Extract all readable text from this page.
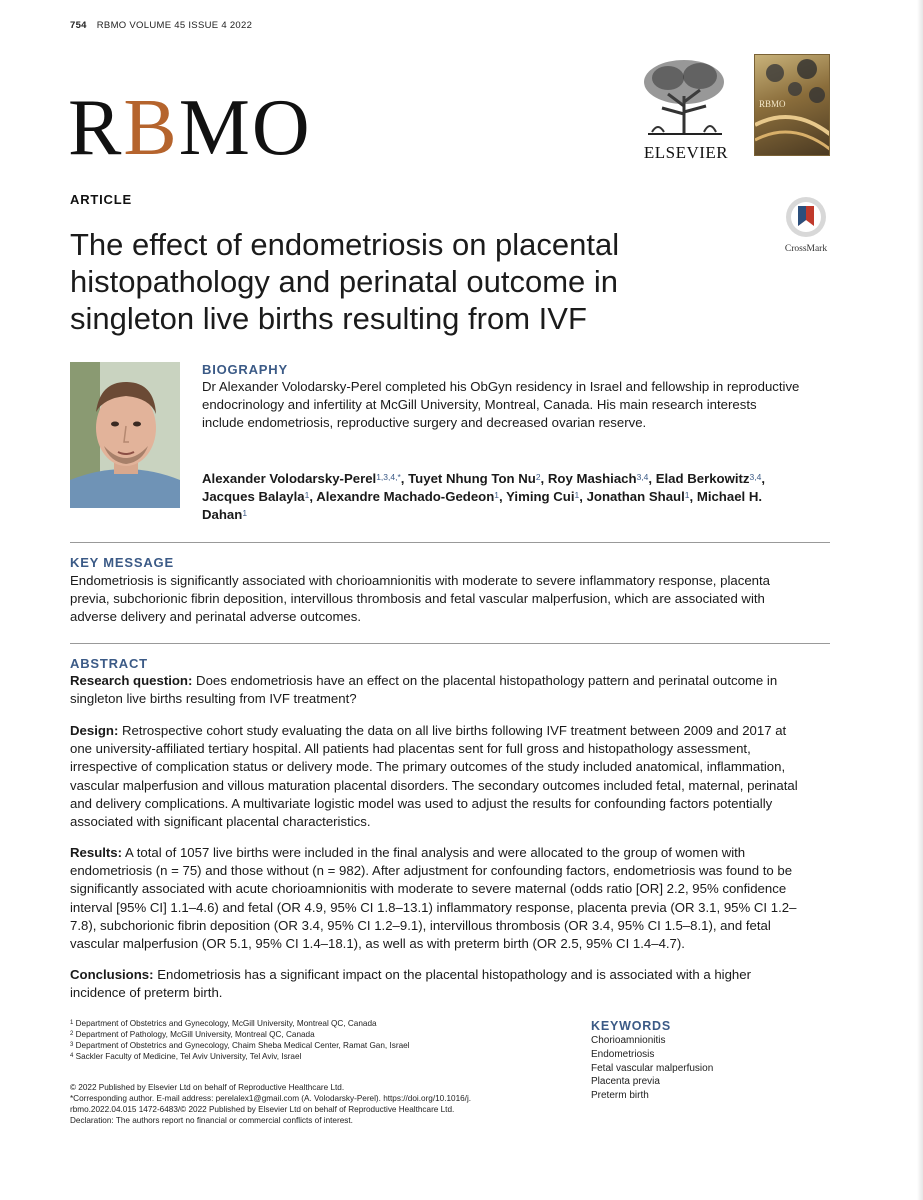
754 RBMO VOLUME 45 ISSUE 4 2022
RBMO	ELSEVIER
RBMO
CrossMark
ARTICLE
The effect of endometriosis on placental histopathology and perinatal outcome in singleton live births resulting from IVF
BIOGRAPHY

Dr Alexander Volodarsky-Perel completed his ObGyn residency in Israel and fellowship in reproductive endocrinology and infertility at McGill University, Montreal, Canada. His main research interests include endometriosis, reproductive surgery and decreased ovarian reserve.

Alexander Volodarsky-Perel$^{1,3,4,*}$, Tuyet Nhung Ton Nu$^2$, Roy Mashiach$^{3,4}$, Elad Berkowitz$^{3,4}$, Jacques Balayla$^1$, Alexandre Machado-Gedeon$^1$, Yiming Cui$^1$, Jonathan Shaul$^1$, Michael H. Dahan$^1$

KEY MESSAGE

Endometriosis is significantly associated with chorioamnionitis with moderate to severe inflammatory response, placenta previa, subchorionic fibrin deposition, intervillous thrombosis and fetal vascular malperfusion, which are associated with adverse delivery and perinatal adverse outcomes.

ABSTRACT

Research question: Does endometriosis have an effect on the placental histopathology pattern and perinatal outcome in singleton live births resulting from IVF treatment?

Design: Retrospective cohort study evaluating the data on all live births following IVF treatment between 2009 and 2017 at one university-affiliated tertiary hospital. All patients had placentas sent for full gross and histopathology assessment, irrespective of complication status or delivery mode. The primary outcomes of the study included anatomical, inflammation, vascular malperfusion and villous maturation placental disorders. The secondary outcomes included fetal, maternal, perinatal and delivery complications. A multivariate logistic model was used to adjust the results for confounding factors potentially associated with significant placental characteristics.

Results: A total of 1057 live births were included in the final analysis and were allocated to the group of women with endometriosis (n = 75) and those without (n = 982). After adjustment for confounding factors, endometriosis was found to be significantly associated with acute chorioamnionitis with moderate to severe maternal (odds ratio [OR] 2.2, 95% confidence interval [95% CI] 1.1–4.6) and fetal (OR 4.9, 95% CI 1.8–13.1) inflammatory response, placenta previa (OR 3.1, 95% CI 1.2–7.8), subchorionic fibrin deposition (OR 3.4, 95% CI 1.2–9.1), intervillous thrombosis (OR 3.4, 95% CI 1.5–8.1), and fetal vascular malperfusion (OR 5.1, 95% CI 1.4–18.1), as well as with preterm birth (OR 2.5, 95% CI 1.4–4.7).

Conclusions: Endometriosis has a significant impact on the placental histopathology and is associated with a higher incidence of preterm birth.

$^1$ Department of Obstetrics and Gynecology, McGill University, Montreal QC, Canada
$^2$ Department of Pathology, McGill University, Montreal QC, Canada
$^3$ Department of Obstetrics and Gynecology, Chaim Sheba Medical Center, Ramat Gan, Israel
$^4$ Sackler Faculty of Medicine, Tel Aviv University, Tel Aviv, Israel
© 2022 Published by Elsevier Ltd on behalf of Reproductive Healthcare Ltd.
*Corresponding author. E-mail address: perelalex1@gmail.com (A. Volodarsky-Perel). https://doi.org/10.1016/j.
rbmo.2022.04.015 1472-6483/© 2022 Published by Elsevier Ltd on behalf of Reproductive Healthcare Ltd.
Declaration: The authors report no financial or commercial conflicts of interest.
KEYWORDS
Chorioamnionitis
Endometriosis
Fetal vascular malperfusion
Placenta previa
Preterm birth
